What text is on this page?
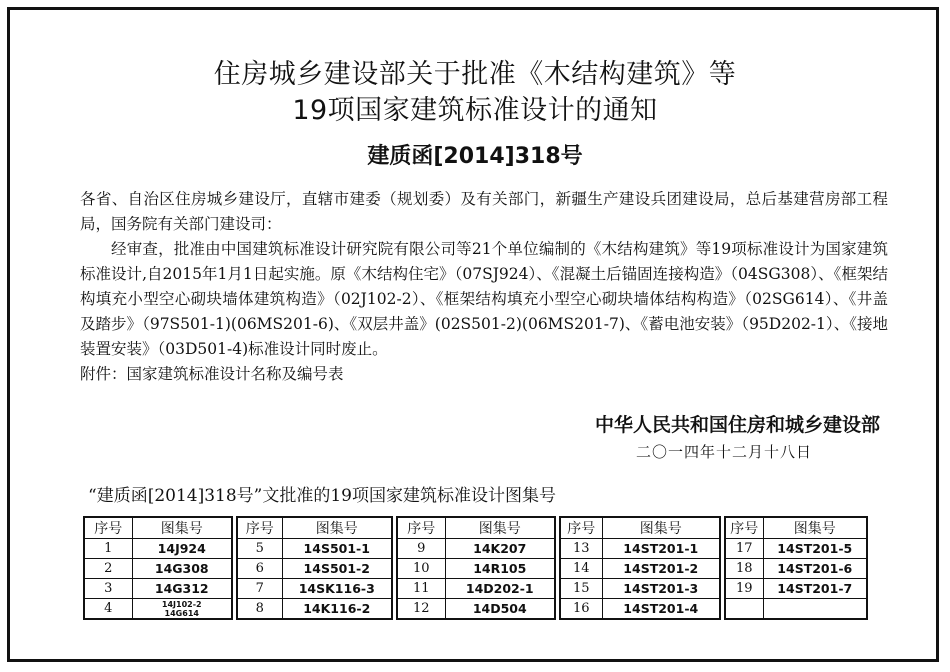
住房城乡建设部关于批准《木结构建筑》等
19项国家建筑标准设计的通知
建质函[2014]318号

各省、自治区住房城乡建设厅，直辖市建委（规划委）及有关部门，新疆生产建设兵团建设局，总后基建营房部工程局，国务院有关部门建设司：

经审查，批准由中国建筑标准设计研究院有限公司等21个单位编制的《木结构建筑》等19项标准设计为国家建筑标准设计,自2015年1月1日起实施。原《木结构住宅》（07SJ924）、《混凝土后锚固连接构造》（04SG308）、《框架结构填充小型空心砌块墙体建筑构造》（02J102-2）、《框架结构填充小型空心砌块墙体结构构造》（02SG614）、《井盖及踏步》（97S501-1)(06MS201-6)、《双层井盖》(02S501-2)(06MS201-7)、《蓄电池安装》（95D202-1）、《接地装置安装》（03D501-4)标准设计同时废止。

附件：国家建筑标准设计名称及编号表

中华人民共和国住房和城乡建设部
二〇一四年十二月十八日
“建质函[2014]318号”文批准的19项国家建筑标准设计图集号
序号	图集号
1	14J924
2	14G308
3	14G312
4	14J102-2
14G614
序号	图集号
5	14S501-1
6	14S501-2
7	14SK116-3
8	14K116-2
序号	图集号
9	14K207
10	14R105
11	14D202-1
12	14D504
序号	图集号
13	14ST201-1
14	14ST201-2
15	14ST201-3
16	14ST201-4
序号	图集号
17	14ST201-5
18	14ST201-6
19	14ST201-7
